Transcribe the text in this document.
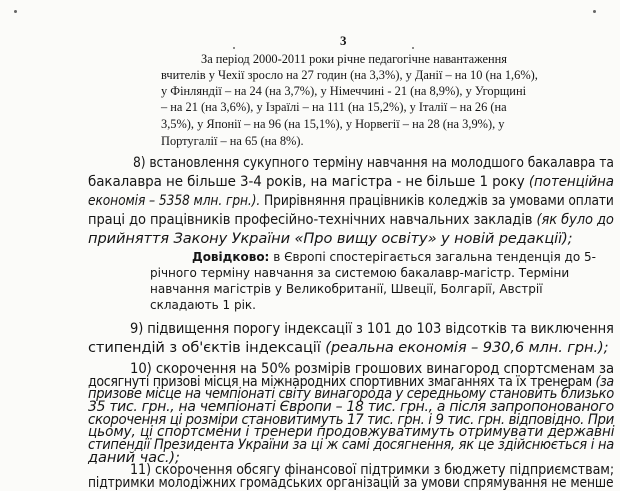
3
За період 2000-2011 роки річне педагогічне навантаження
вчителів у Чехії зросло на 27 годин (на 3,3%), у Данії – на 10 (на 1,6%),
у Фінляндії – на 24 (на 3,7%), у Німеччині - 21 (на 8,9%), у Угорщині
– на 21 (на 3,6%), у Ізраїлі – на 111 (на 15,2%), у Італії – на 26 (на
3,5%), у Японії – на 96 (на 15,1%), у Норвегії – на 28 (на 3,9%), у
Португалії – на 65 (на 8%).
8) встановлення сукупного терміну навчання на молодшого бакалавра та
бакалавра не більше 3-4 років, на магістра - не більше 1 року (потенційна
економія – 5358 млн. грн.). Прирівняння працівників коледжів за умовами оплати
праці до працівників професійно-технічних навчальних закладів (як було до
прийняття Закону України «Про вищу освіту» у новій редакції);
Довідково: в Європі спостерігається загальна тенденція до 5-
річного терміну навчання за системою бакалавр-магістр. Терміни
навчання магістрів у Великобританії, Швеції, Болгарії, Австрії
складають 1 рік.
9) підвищення порогу індексації з 101 до 103 відсотків та виключення
стипендій з об'єктів індексації (реальна економія – 930,6 млн. грн.);
10) скорочення на 50% розмірів грошових винагород спортсменам за
досягнуті призові місця на міжнародних спортивних змаганнях та їх тренерам (за
призове місце на чемпіонаті світу винагорода у середньому становить близько
35 тис. грн., на чемпіонаті Європи – 18 тис. грн., а після запропонованого
скорочення ці розміри становитимуть 17 тис. грн. і 9 тис. грн. відповідно. При
цьому, ці спортсмени і тренери продовжуватимуть отримувати державні
стипендії Президента України за ці ж самі досягнення, як це здійснюється і на
даний час.);
11) скорочення обсягу фінансової підтримки з бюджету підприємствам;
підтримки молодіжних громадських організацій за умови спрямування не менше
